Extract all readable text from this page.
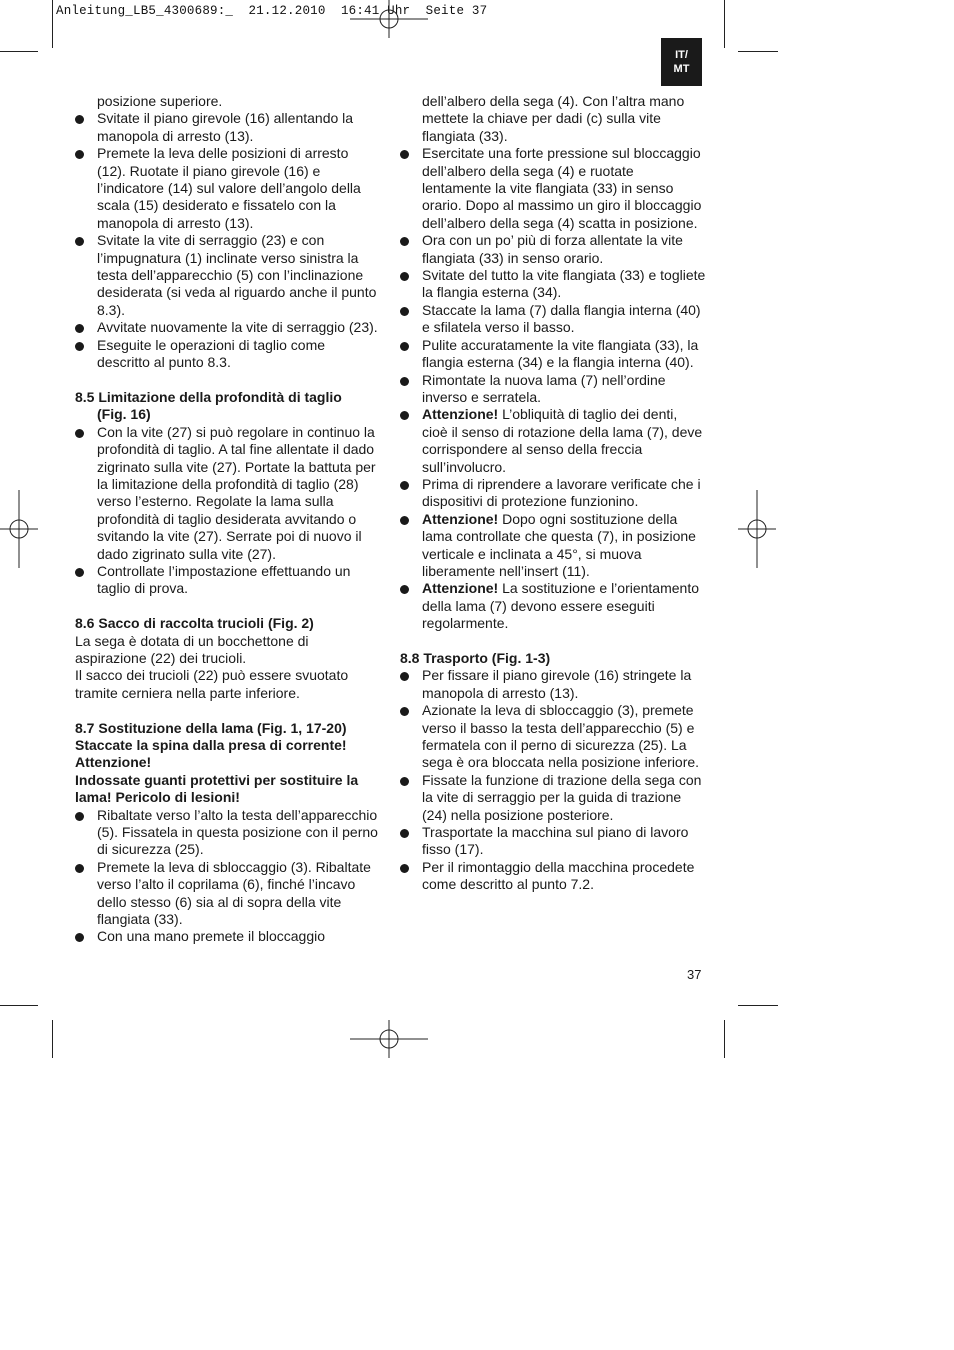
Anleitung_LB5_4300689:_  21.12.2010  16:41 Uhr  Seite 37
IT/
MT

posizione superiore.

Svitate il piano girevole (16) allentando la manopola di arresto (13).
Premete la leva delle posizioni di arresto (12). Ruotate il piano girevole (16) e l’indicatore (14) sul valore dell’angolo della scala (15) desiderato e fissatelo con la manopola di arresto (13).
Svitate la vite di serraggio (23) e con l’impugnatura (1) inclinate verso sinistra la testa dell’apparecchio (5) con l’inclinazione desiderata (si veda al riguardo anche il punto 8.3).
Avvitate nuovamente la vite di serraggio (23).
Eseguite le operazioni di taglio come descritto al punto 8.3.

8.5 Limitazione della profondità di taglio

(Fig. 16)

Con la vite (27) si può regolare in continuo la profondità di taglio. A tal fine allentate il dado zigrinato sulla vite (27). Portate la battuta per la limitazione della profondità di taglio (28) verso l’esterno. Regolate la lama sulla profondità di taglio desiderata avvitando o svitando la vite (27). Serrate poi di nuovo il dado zigrinato sulla vite (27).
Controllate l’impostazione effettuando un taglio di prova.

8.6 Sacco di raccolta trucioli (Fig. 2)

La sega è dotata di un bocchettone di aspirazione (22) dei trucioli.

Il sacco dei trucioli (22) può essere svuotato tramite cerniera nella parte inferiore.

8.7 Sostituzione della lama (Fig. 1, 17-20)

Staccate la spina dalla presa di corrente!

Attenzione!

Indossate guanti protettivi per sostituire la lama! Pericolo di lesioni!

Ribaltate verso l’alto la testa dell’apparecchio (5). Fissatela in questa posizione con il perno di sicurezza (25).
Premete la leva di sbloccaggio (3). Ribaltate verso l’alto il coprilama (6), finché l’incavo dello stesso (6) sia al di sopra della vite flangiata (33).
Con una mano premete il bloccaggio

dell’albero della sega (4). Con l’altra mano mettete la chiave per dadi (c) sulla vite flangiata (33).

Esercitate una forte pressione sul bloccaggio dell’albero della sega (4) e ruotate lentamente la vite flangiata (33) in senso orario. Dopo al massimo un giro il bloccaggio dell’albero della sega (4) scatta in posizione.
Ora con un po’ più di forza allentate la vite flangiata (33) in senso orario.
Svitate del tutto la vite flangiata (33) e togliete la flangia esterna (34).
Staccate la lama (7) dalla flangia interna (40) e sfilatela verso il basso.
Pulite accuratamente la vite flangiata (33), la flangia esterna (34) e la flangia interna (40).
Rimontate la nuova lama (7) nell’ordine inverso e serratela.
Attenzione! L’obliquità di taglio dei denti, cioè il senso di rotazione della lama (7), deve corrispondere al senso della freccia sull’involucro.
Prima di riprendere a lavorare verificate che i dispositivi di protezione funzionino.
Attenzione! Dopo ogni sostituzione della lama controllate che questa (7), in posizione verticale e inclinata a 45°, si muova liberamente nell’insert (11).
Attenzione! La sostituzione e l’orientamento della lama (7) devono essere eseguiti regolarmente.

8.8 Trasporto (Fig. 1-3)

Per fissare il piano girevole (16) stringete la manopola di arresto (13).
Azionate la leva di sbloccaggio (3), premete verso il basso la testa dell’apparecchio (5) e fermatela con il perno di sicurezza (25). La sega è ora bloccata nella posizione inferiore.
Fissate la funzione di trazione della sega con la vite di serraggio per la guida di trazione (24) nella posizione posteriore.
Trasportate la macchina sul piano di lavoro fisso (17).
Per il rimontaggio della macchina procedete come descritto al punto 7.2.
37
